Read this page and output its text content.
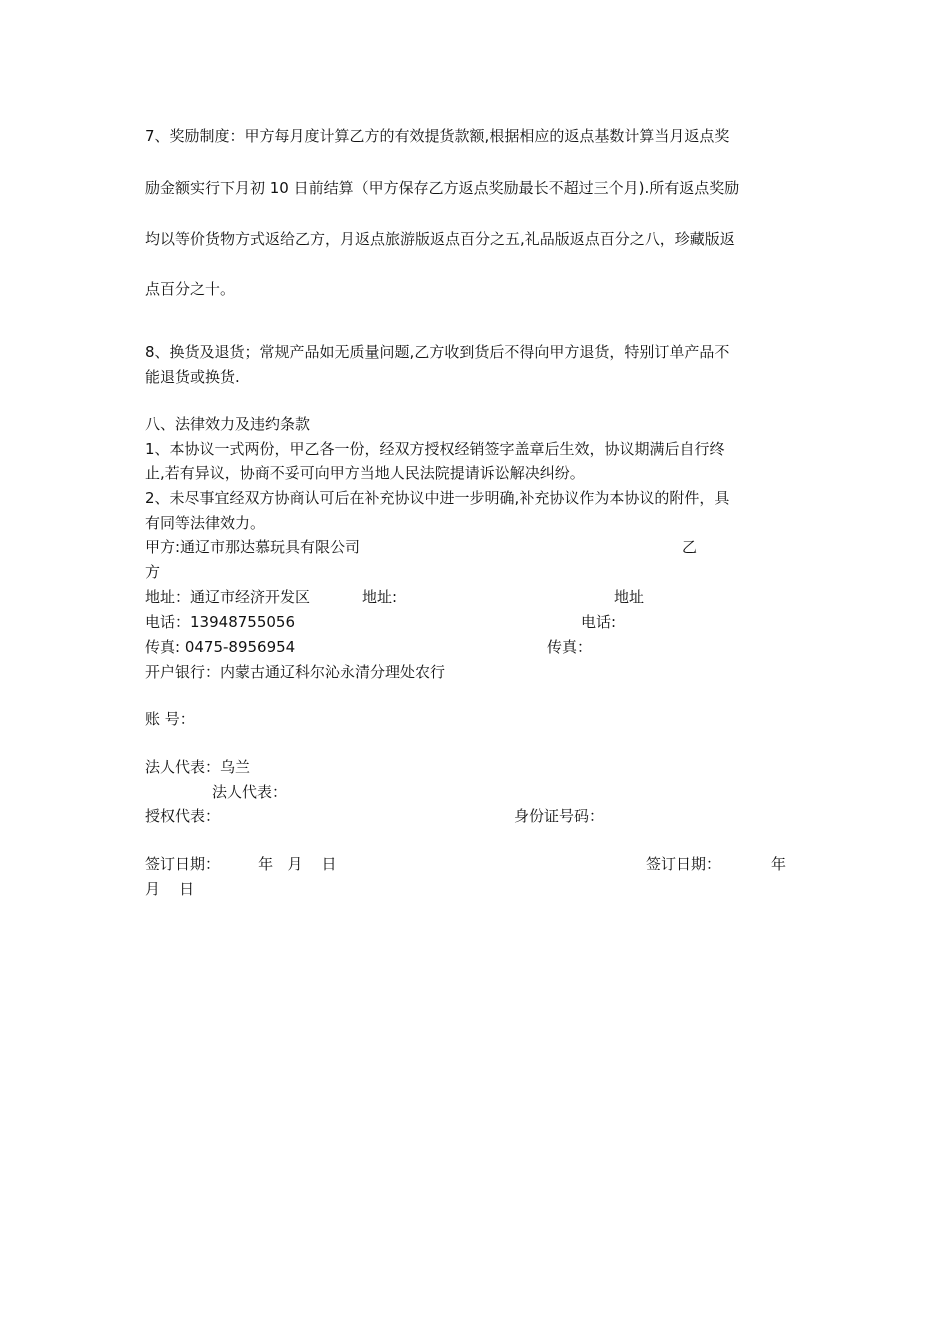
7、奖励制度：甲方每月度计算乙方的有效提货款额,根据相应的返点基数计算当月返点奖
励金额实行下月初 10 日前结算（甲方保存乙方返点奖励最长不超过三个月).所有返点奖励
均以等价货物方式返给乙方，月返点旅游版返点百分之五,礼品版返点百分之八，珍藏版返
点百分之十。
8、换货及退货；常规产品如无质量问题,乙方收到货后不得向甲方退货，特别订单产品不
能退货或换货.
八、法律效力及违约条款
1、本协议一式两份，甲乙各一份，经双方授权经销签字盖章后生效，协议期满后自行终
止,若有异议，协商不妥可向甲方当地人民法院提请诉讼解决纠纷。
2、未尽事宜经双方协商认可后在补充协议中进一步明确,补充协议作为本协议的附件，具
有同等法律效力。
甲方:通辽市那达慕玩具有限公司	乙
方
地址：通辽市经济开发区	地址:	地址
电话：13948755056	电话:
传真: 0475-8956954	传真：
开户银行：内蒙古通辽科尔沁永清分理处农行
账 号：
法人代表：乌兰
法人代表：
授权代表：	身份证号码：
签订日期：        年   月    日	签订日期：	年
月    日
